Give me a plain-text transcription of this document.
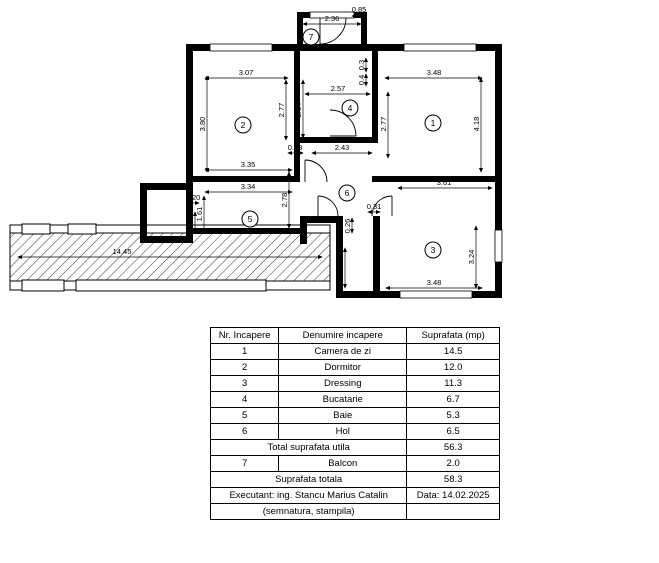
2	1
3
4
5
6
7
2.36
0.85
3.07
3.80
2.77 2.64
2.57
3.48
4.18
2.77
0.3
0.4
2.43
0.28
3.35
3.34
2.78
1.61
0.59
0.20
3.61
0.26
0.31
3.24
3.48
14.45
1.51
Nr. Incapere	Denumire incapere	Suprafata (mp)
1	Camera de zi	14.5
2	Dormitor	12.0
3	Dressing	11.3
4	Bucatarie	6.7
5	Baie	5.3
6	Hol	6.5
Total suprafata utila		56.3
7	Balcon	2.0
Suprafata totala		58.3
Executant: ing. Stancu Marius Catalin		Data: 14.02.2025
(semnatura, stampila)		
